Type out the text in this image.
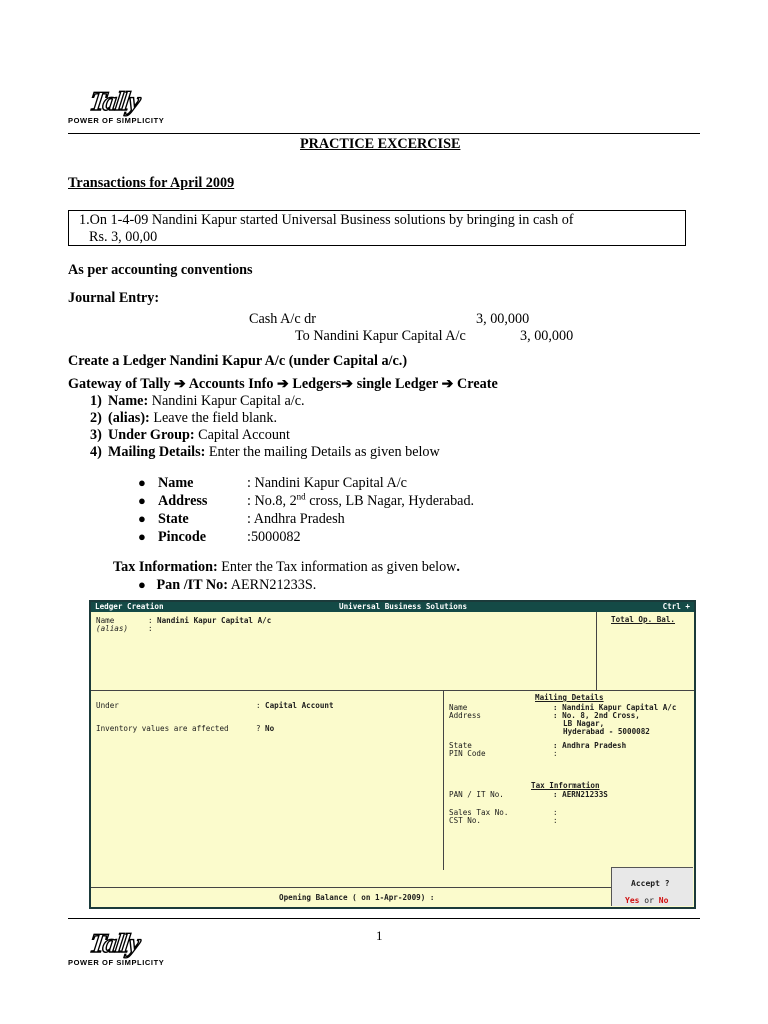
Tally
POWER OF SIMPLICITY
PRACTICE EXCERCISE
Transactions for April 2009
1.On 1-4-09 Nandini Kapur started Universal Business solutions by bringing in cash of
Rs. 3, 00,00
As per accounting conventions
Journal Entry:
Cash A/c dr	3, 00,000
To Nandini Kapur Capital A/c	3, 00,000
Create a Ledger Nandini Kapur A/c (under Capital a/c.)
Gateway of Tally ➔ Accounts Info ➔ Ledgers➔ single Ledger ➔ Create
1) Name: Nandini Kapur Capital a/c.
2) (alias): Leave the field blank.
3) Under Group: Capital Account
4) Mailing Details: Enter the mailing Details as given below
● Name	: Nandini Kapur Capital A/c
● Address	: No.8, 2nd cross, LB Nagar, Hyderabad.
● State	: Andhra Pradesh
● Pincode	:5000082
Tax Information: Enter the Tax information as given below.
● Pan /IT No: AERN21233S.
Ledger Creation	Universal Business Solutions	Ctrl +
Name	: Nandini Kapur Capital A/c
(alias)	:
Total Op. Bal.
Under	: Capital Account
Inventory values are affected	? No
Mailing Details
Name	: Nandini Kapur Capital A/c
Address	: No. 8, 2nd Cross,
LB Nagar,
Hyderabad - 5000082
State	: Andhra Pradesh
PIN Code	:
Tax Information
PAN / IT No.	: AERN21233S
Sales Tax No.	:
CST No.	:
Opening Balance ( on 1-Apr-2009) :
Accept ?
Yes or No
1
Tally
POWER OF SIMPLICITY
